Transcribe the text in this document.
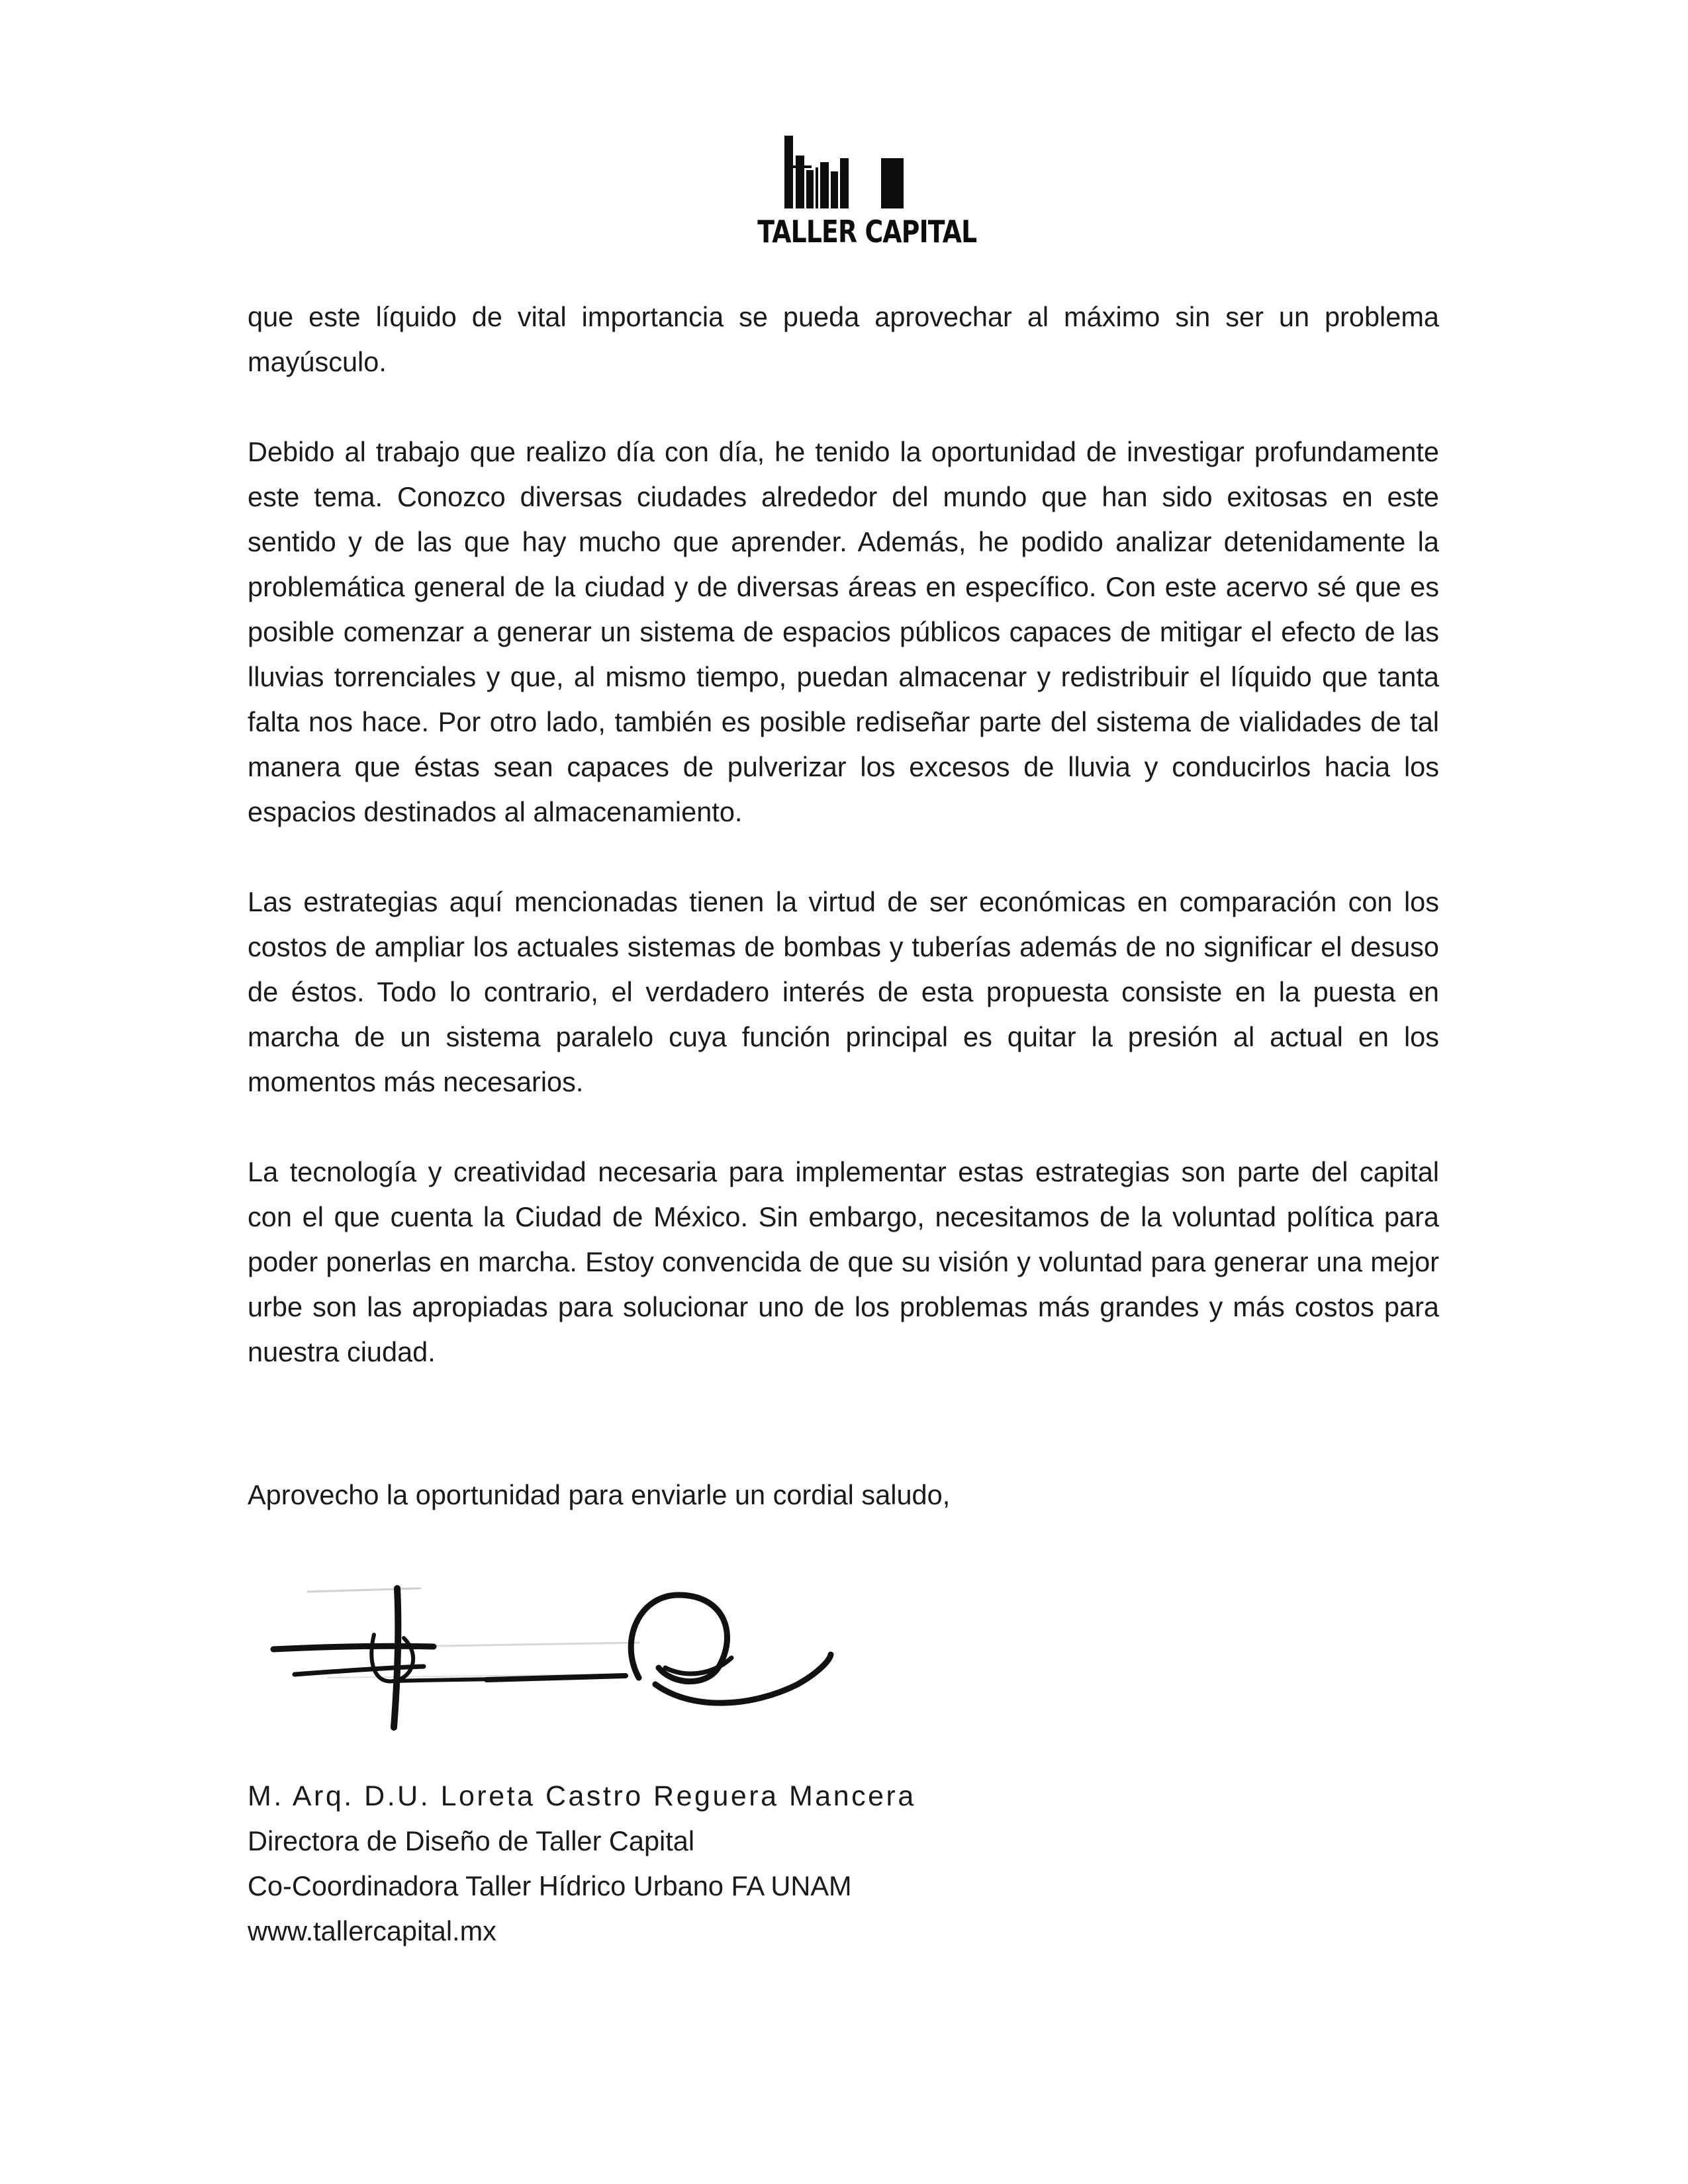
TALLER CAPITAL

que este líquido de vital importancia se pueda aprovechar al máximo sin ser un problema mayúsculo.

Debido al trabajo que realizo día con día, he tenido la oportunidad de investigar profundamente este tema. Conozco diversas ciudades alrededor del mundo que han sido exitosas en este sentido y de las que hay mucho que aprender. Además, he podido analizar detenidamente la problemática general de la ciudad y de diversas áreas en específico. Con este acervo sé que es posible comenzar a generar un sistema de espacios públicos capaces de mitigar el efecto de las lluvias torrenciales y que, al mismo tiempo, puedan almacenar y redistribuir el líquido que tanta falta nos hace. Por otro lado, también es posible rediseñar parte del sistema de vialidades de tal manera que éstas sean capaces de pulverizar los excesos de lluvia y conducirlos hacia los espacios destinados al almacenamiento.

Las estrategias aquí mencionadas tienen la virtud de ser económicas en comparación con los costos de ampliar los actuales sistemas de bombas y tuberías además de no significar el desuso de éstos. Todo lo contrario, el verdadero interés de esta propuesta consiste en la puesta en marcha de un sistema paralelo cuya función principal es quitar la presión al actual en los momentos más necesarios.

La tecnología y creatividad necesaria para implementar estas estrategias son parte del capital con el que cuenta la Ciudad de México. Sin embargo, necesitamos de la voluntad política para poder ponerlas en marcha. Estoy convencida de que su visión y voluntad para generar una mejor urbe son las apropiadas para solucionar uno de los problemas más grandes y más costos para nuestra ciudad.

Aprovecho la oportunidad para enviarle un cordial saludo,

M. Arq. D.U. Loreta Castro Reguera Mancera
Directora de Diseño de Taller Capital
Co-Coordinadora Taller Hídrico Urbano FA UNAM
www.tallercapital.mx
